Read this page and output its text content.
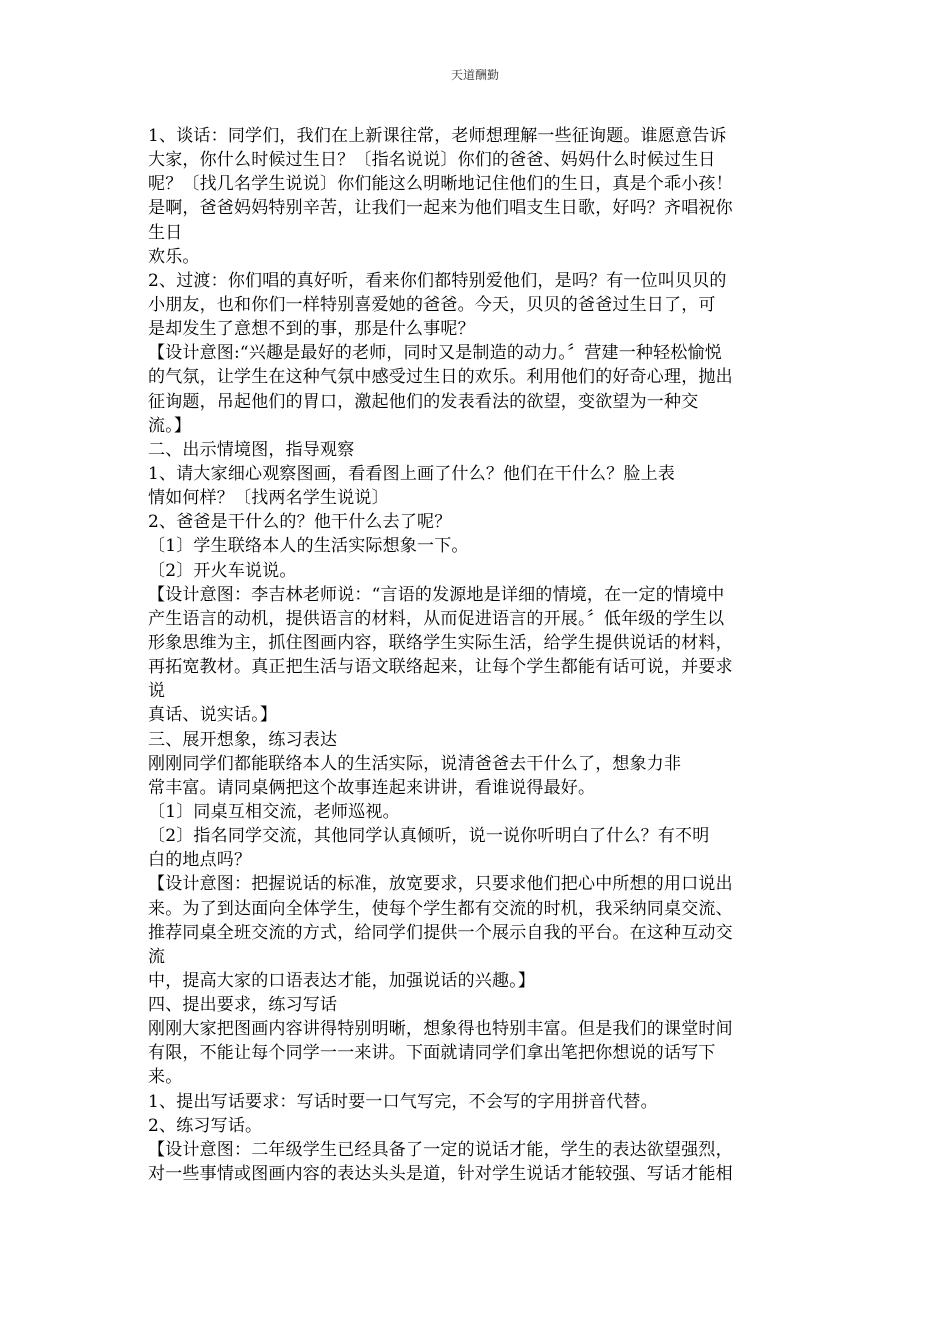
天道酬勤
1、谈话：同学们，我们在上新课往常，老师想理解一些征询题。谁愿意告诉
大家，你什么时候过生日？〔指名说说〕你们的爸爸、妈妈什么时候过生日
呢？〔找几名学生说说〕你们能这么明晰地记住他们的生日，真是个乖小孩！
是啊，爸爸妈妈特别辛苦，让我们一起来为他们唱支生日歌，好吗？齐唱祝你
生日
欢乐。
2、过渡：你们唱的真好听，看来你们都特别爱他们，是吗？有一位叫贝贝的
小朋友，也和你们一样特别喜爱她的爸爸。今天，贝贝的爸爸过生日了，可
是却发生了意想不到的事，那是什么事呢？
【设计意图:“兴趣是最好的老师，同时又是制造的动力。〞营建一种轻松愉悦
的气氛，让学生在这种气氛中感受过生日的欢乐。利用他们的好奇心理，抛出
征询题，吊起他们的胃口，激起他们的发表看法的欲望，变欲望为一种交
流。】
二、出示情境图，指导观察
1、请大家细心观察图画，看看图上画了什么？他们在干什么？脸上表
情如何样？〔找两名学生说说〕
2、爸爸是干什么的？他干什么去了呢？
〔1〕学生联络本人的生活实际想象一下。
〔2〕开火车说说。
【设计意图：李吉林老师说：“言语的发源地是详细的情境，在一定的情境中
产生语言的动机，提供语言的材料，从而促进语言的开展。〞低年级的学生以
形象思维为主，抓住图画内容，联络学生实际生活，给学生提供说话的材料，
再拓宽教材。真正把生活与语文联络起来，让每个学生都能有话可说，并要求
说
真话、说实话。】
三、展开想象，练习表达
刚刚同学们都能联络本人的生活实际，说清爸爸去干什么了，想象力非
常丰富。请同桌俩把这个故事连起来讲讲，看谁说得最好。
〔1〕同桌互相交流，老师巡视。
〔2〕指名同学交流，其他同学认真倾听，说一说你听明白了什么？有不明
白的地点吗？
【设计意图：把握说话的标准，放宽要求，只要求他们把心中所想的用口说出
来。为了到达面向全体学生，使每个学生都有交流的时机，我采纳同桌交流、
推荐同桌全班交流的方式，给同学们提供一个展示自我的平台。在这种互动交
流
中，提高大家的口语表达才能，加强说话的兴趣。】
四、提出要求，练习写话
刚刚大家把图画内容讲得特别明晰，想象得也特别丰富。但是我们的课堂时间
有限，不能让每个同学一一来讲。下面就请同学们拿出笔把你想说的话写下
来。
1、提出写话要求：写话时要一口气写完，不会写的字用拼音代替。
2、练习写话。
【设计意图：二年级学生已经具备了一定的说话才能，学生的表达欲望强烈，
对一些事情或图画内容的表达头头是道，针对学生说话才能较强、写话才能相
